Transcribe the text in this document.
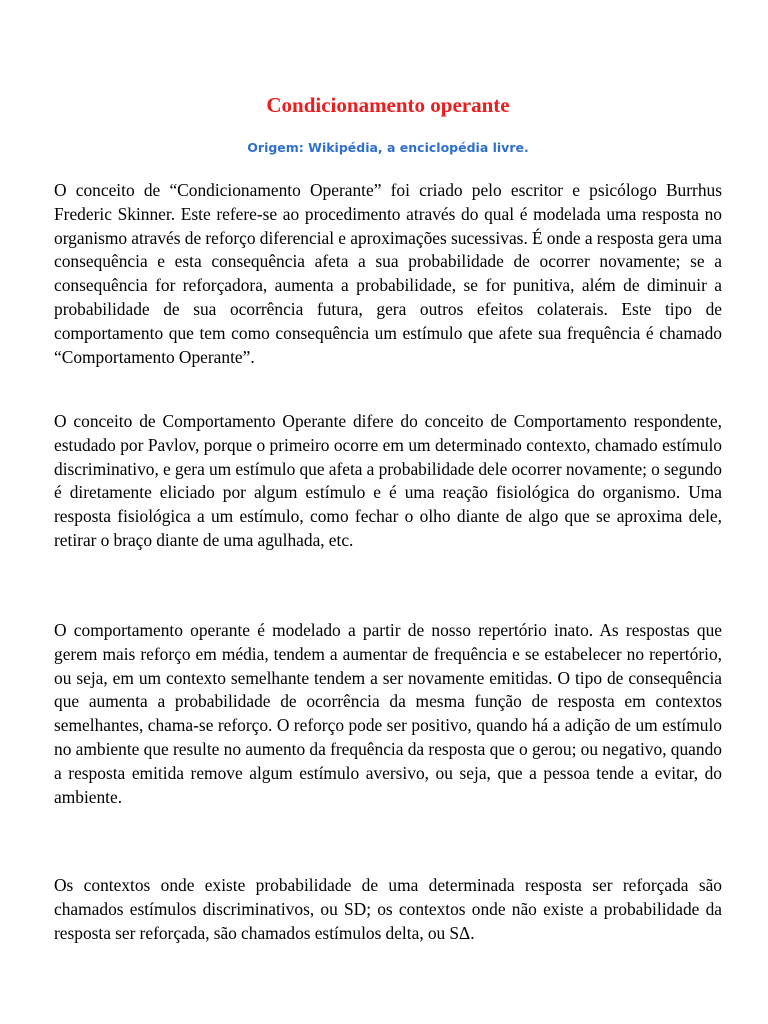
Condicionamento operante

Origem: Wikipédia, a enciclopédia livre.

O conceito de “Condicionamento Operante” foi criado pelo escritor e psicólogo Burrhus Frederic Skinner. Este refere-se ao procedimento através do qual é modelada uma resposta no organismo através de reforço diferencial e aproximações sucessivas. É onde a resposta gera uma consequência e esta consequência afeta a sua probabilidade de ocorrer novamente; se a consequência for reforçadora, aumenta a probabilidade, se for punitiva, além de diminuir a probabilidade de sua ocorrência futura, gera outros efeitos colaterais. Este tipo de comportamento que tem como consequência um estímulo que afete sua frequência é chamado “Comportamento Operante”.

O conceito de Comportamento Operante difere do conceito de Comportamento respondente, estudado por Pavlov, porque o primeiro ocorre em um determinado contexto, chamado estímulo discriminativo, e gera um estímulo que afeta a probabilidade dele ocorrer novamente; o segundo é diretamente eliciado por algum estímulo e é uma reação fisiológica do organismo. Uma resposta fisiológica a um estímulo, como fechar o olho diante de algo que se aproxima dele, retirar o braço diante de uma agulhada, etc.

O comportamento operante é modelado a partir de nosso repertório inato. As respostas que gerem mais reforço em média, tendem a aumentar de frequência e se estabelecer no repertório, ou seja, em um contexto semelhante tendem a ser novamente emitidas. O tipo de consequência que aumenta a probabilidade de ocorrência da mesma função de resposta em contextos semelhantes, chama-se reforço. O reforço pode ser positivo, quando há a adição de um estímulo no ambiente que resulte no aumento da frequência da resposta que o gerou; ou negativo, quando a resposta emitida remove algum estímulo aversivo, ou seja, que a pessoa tende a evitar, do ambiente.

Os contextos onde existe probabilidade de uma determinada resposta ser reforçada são chamados estímulos discriminativos, ou SD; os contextos onde não existe a probabilidade da resposta ser reforçada, são chamados estímulos delta, ou SΔ.
